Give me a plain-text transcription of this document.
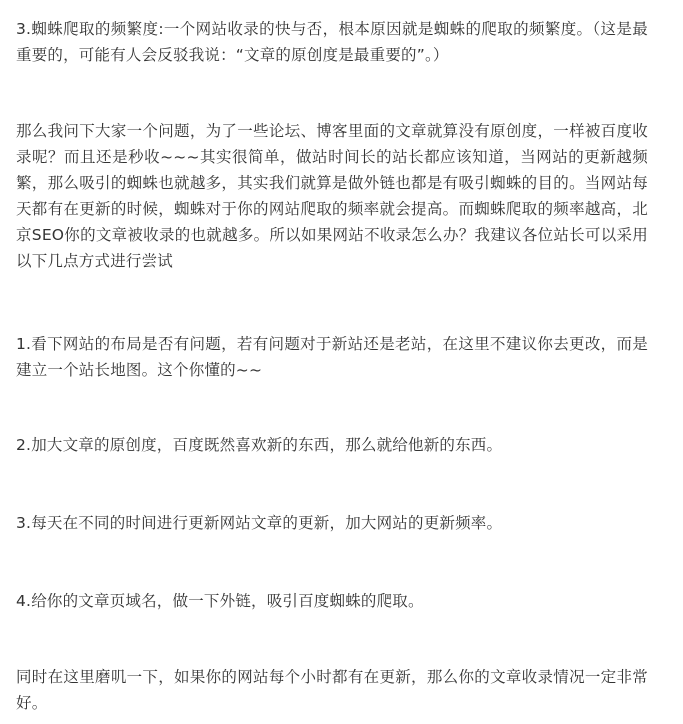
3.蜘蛛爬取的频繁度:一个网站收录的快与否，根本原因就是蜘蛛的爬取的频繁度。（这是最重要的，可能有人会反驳我说：“文章的原创度是最重要的”。）

那么我问下大家一个问题，为了一些论坛、博客里面的文章就算没有原创度，一样被百度收录呢？而且还是秒收~~~其实很简单，做站时间长的站长都应该知道，当网站的更新越频繁，那么吸引的蜘蛛也就越多，其实我们就算是做外链也都是有吸引蜘蛛的目的。当网站每天都有在更新的时候，蜘蛛对于你的网站爬取的频率就会提高。而蜘蛛爬取的频率越高，北京SEO你的文章被收录的也就越多。所以如果网站不收录怎么办？我建议各位站长可以采用以下几点方式进行尝试

1.看下网站的布局是否有问题，若有问题对于新站还是老站，在这里不建议你去更改，而是建立一个站长地图。这个你懂的~~

2.加大文章的原创度，百度既然喜欢新的东西，那么就给他新的东西。

3.每天在不同的时间进行更新网站文章的更新，加大网站的更新频率。

4.给你的文章页域名，做一下外链，吸引百度蜘蛛的爬取。

同时在这里磨叽一下，如果你的网站每个小时都有在更新，那么你的文章收录情况一定非常好。
